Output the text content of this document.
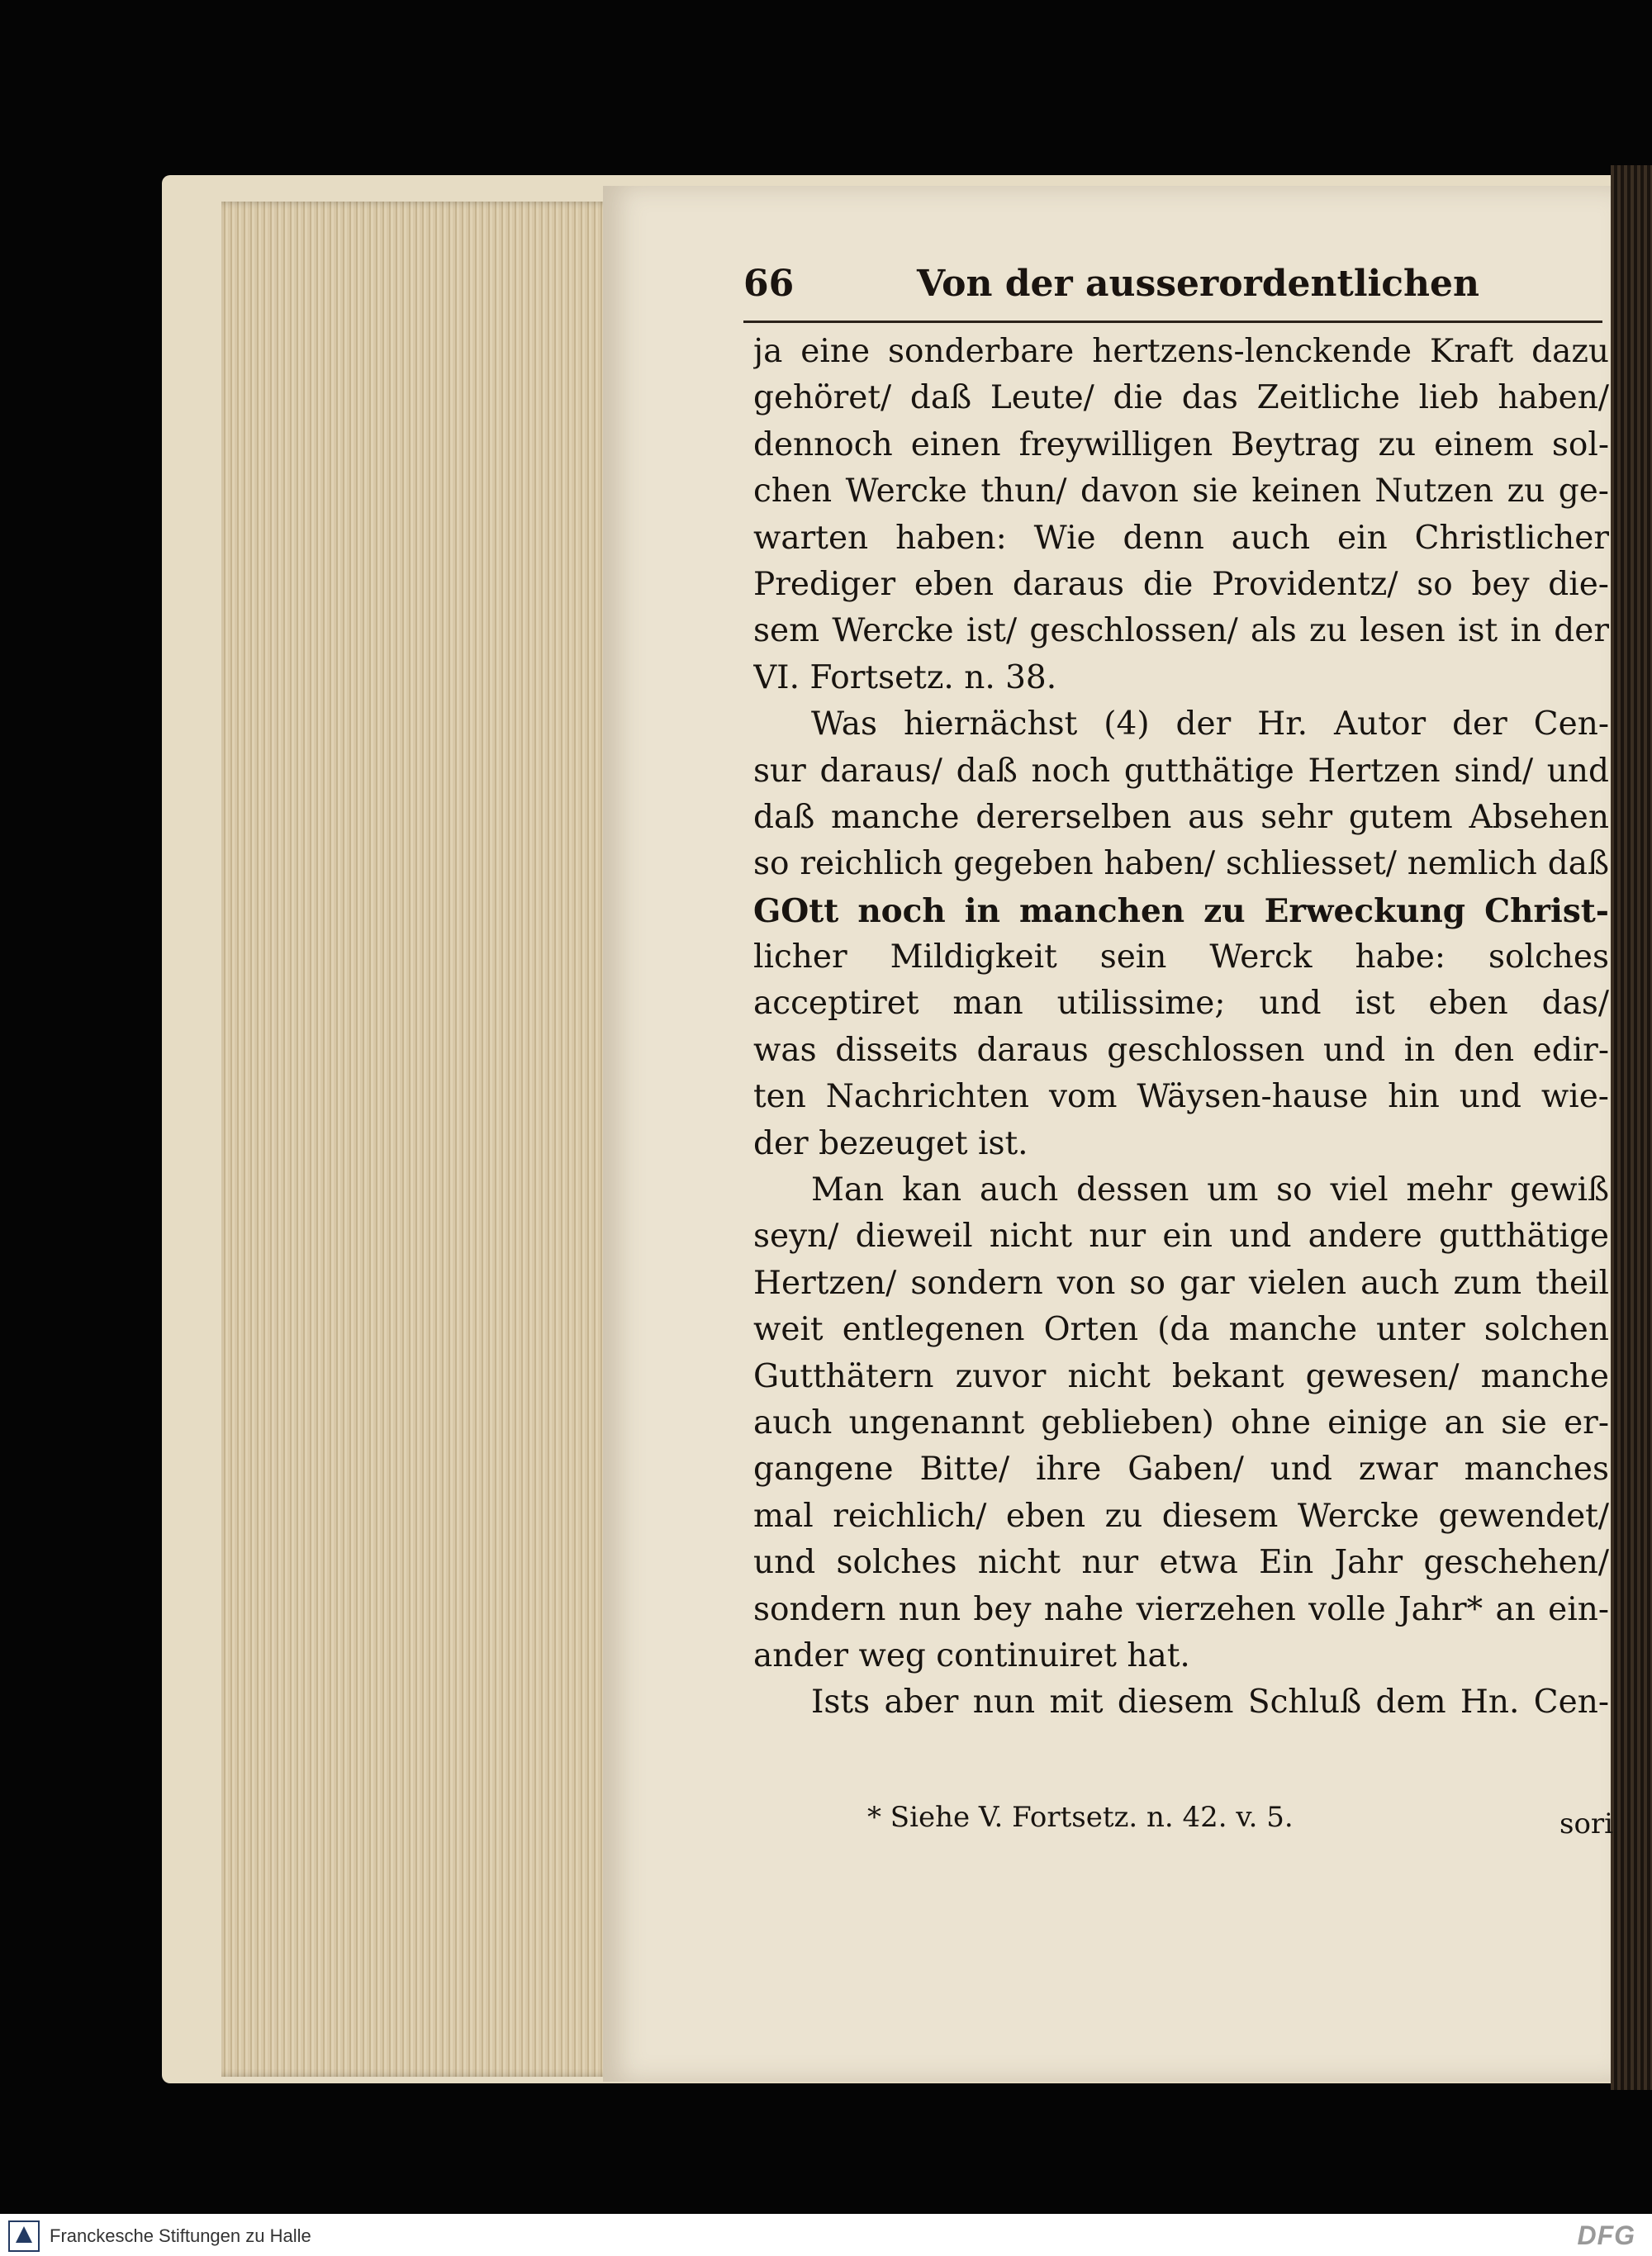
66	Von der ausserordentlichen
ja eine sonderbare hertzens-lenckende Kraft dazu
gehöret/ daß Leute/ die das Zeitliche lieb haben/
dennoch einen freywilligen Beytrag zu einem sol-
chen Wercke thun/ davon sie keinen Nutzen zu ge-
warten haben: Wie denn auch ein Christlicher
Prediger eben daraus die Providentz/ so bey die-
sem Wercke ist/ geschlossen/ als zu lesen ist in der
VI. Fortsetz. n. 38.
Was hiernächst (4) der Hr. Autor der Cen-
sur daraus/ daß noch gutthätige Hertzen sind/ und
daß manche dererselben aus sehr gutem Absehen
so reichlich gegeben haben/ schliesset/ nemlich daß
GOtt noch in manchen zu Erweckung Christ-
licher Mildigkeit sein Werck habe: solches
acceptiret man utilissime; und ist eben das/
was disseits daraus geschlossen und in den edir-
ten Nachrichten vom Wäysen-hause hin und wie-
der bezeuget ist.
Man kan auch dessen um so viel mehr gewiß
seyn/ dieweil nicht nur ein und andere gutthätige
Hertzen/ sondern von so gar vielen auch zum theil
weit entlegenen Orten (da manche unter solchen
Gutthätern zuvor nicht bekant gewesen/ manche
auch ungenannt geblieben) ohne einige an sie er-
gangene Bitte/ ihre Gaben/ und zwar manches
mal reichlich/ eben zu diesem Wercke gewendet/
und solches nicht nur etwa Ein Jahr geschehen/
sondern nun bey nahe vierzehen volle Jahr* an ein-
ander weg continuiret hat.
Ists aber nun mit diesem Schluß dem Hn. Cen-
* Siehe V. Fortsetz. n. 42. v. 5.	sori
Franckesche Stiftungen zu Halle	DFG
